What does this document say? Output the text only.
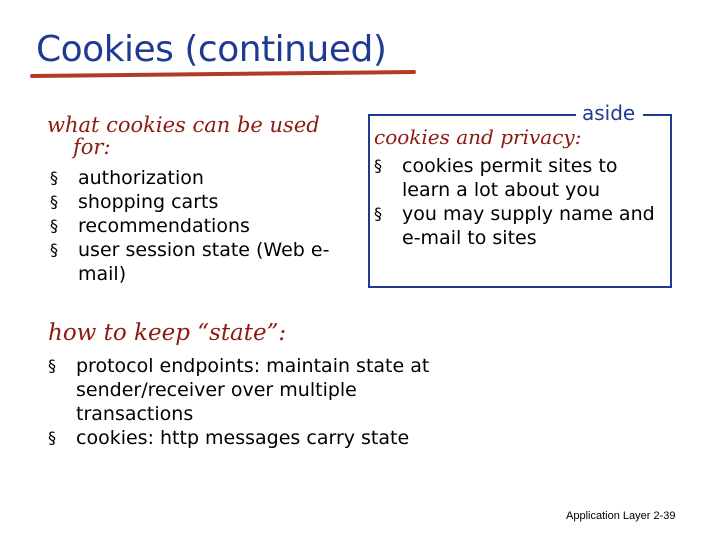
Cookies (continued)
what cookies can be used
for:
§ authorization
§ shopping carts
§ recommendations
§ user session state (Web e-mail)
aside
cookies and privacy:
§ cookies permit sites to learn a lot about you
§ you may supply name and e-mail to sites
how to keep “state”:
§ protocol endpoints: maintain state at sender/receiver over multiple transactions
§ cookies: http messages carry state
Application Layer 2-39
